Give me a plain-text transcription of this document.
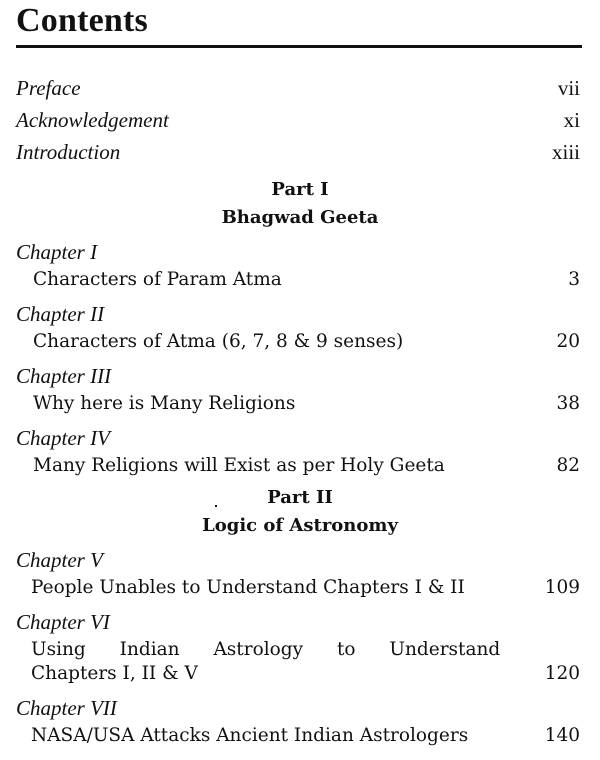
Contents
Preface	vii
Acknowledgement	xi
Introduction	xiii
Part I
Bhagwad Geeta
Chapter I
Characters of Param Atma	3
Chapter II
Characters of Atma (6, 7, 8 & 9 senses)	20
Chapter III
Why here is Many Religions	38
Chapter IV
Many Religions will Exist as per Holy Geeta	82
Part II
Logic of Astronomy
Chapter V
People Unables to Understand Chapters I & II	109
Chapter VI
Using Indian Astrology to Understand
Chapters I, II & V	120
Chapter VII
NASA/USA Attacks Ancient Indian Astrologers	140
